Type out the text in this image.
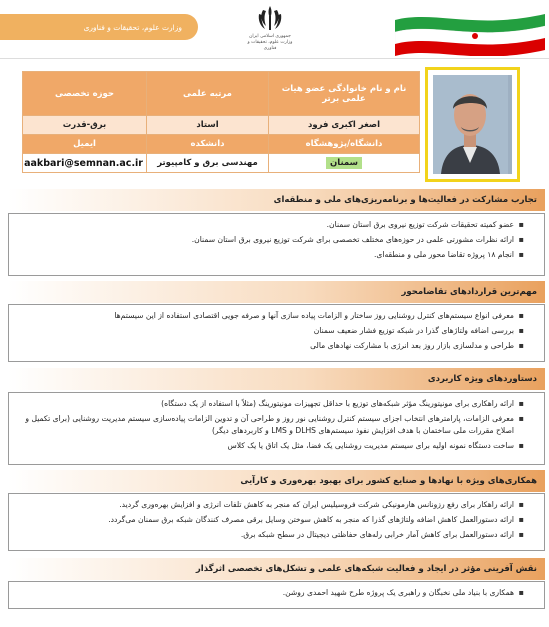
وزارت علوم، تحقیقات و فناوری
جمهوری اسلامی ایران
وزارت علوم، تحقیقات و فناوری
نام و نام خانوادگی عضو هیات علمی برتر	مرتبه علمی	حوزه تخصصی
اصغر اکبری فرود	استاد	برق-قدرت
دانشگاه/پژوهشگاه	دانشکده	ایمیل
سمنان	مهندسی برق و کامپیوتر	aakbari@semnan.ac.ir
تجارب مشارکت در فعالیت‌ها و برنامه‌ریزی‌های ملی و منطقه‌ای
▪ عضو کمیته تحقیقات شرکت توزیع نیروی برق استان سمنان.
▪ ارائه نظرات مشورتی علمی در حوزه‌های مختلف تخصصی برای شرکت توزیع نیروی برق استان سمنان.
▪ انجام ۱۸ پروژه تقاضا محور ملی و منطقه‌ای.
مهم‌ترین قراردادهای تقاضامحور
▪ معرفی انواع سیستم‌های کنترل روشنایی روز ساختار و الزامات پیاده سازی آنها و صرفه جویی اقتصادی استفاده از این سیستم‌ها
▪ بررسی اضافه ولتاژهای گذرا در شبکه توزیع فشار ضعیف سمنان
▪ طراحی و مدلسازی بازار روز بعد انرژی با مشارکت نهادهای مالی
دستاوردهای ویژه کاربردی
▪ ارائه راهکاری برای مونیتورینگ مؤثر شبکه‌های توزیع با حداقل تجهیزات مونیتورینگ (مثلاً با استفاده از یک دستگاه)
▪ معرفی الزامات، پارامترهای انتخاب اجزای سیستم کنترل روشنایی نور روز و طراحی آن و تدوین الزامات پیاده‌سازی سیستم مدیریت روشنایی (برای تکمیل و اصلاح مقررات ملی ساختمان با هدف افزایش نفوذ سیستم‌های DLHS و LMS و کاربردهای دیگر)
▪ ساخت دستگاه نمونه اولیه برای سیستم مدیریت روشنایی یک فضا، مثل یک اتاق یا یک کلاس
همکاری‌های ویژه با نهادها و صنایع کشور برای بهبود بهره‌وری و کارآیی
▪ ارائه راهکار برای رفع رزونانس هارمونیکی شرکت فروسیلیس ایران که منجر به کاهش تلفات انرژی و افزایش بهره‌وری گردید.
▪ ارائه دستورالعمل کاهش اضافه ولتاژهای گذرا که منجر به کاهش سوختن وسایل برقی مصرف کنندگان شبکه برق سمنان می‌گردد.
▪ ارائه دستورالعمل برای کاهش آمار خرابی رله‌های حفاظتی دیجیتال در سطح شبکه برق.
نقش آفرینی مؤثر در ایجاد و فعالیت شبکه‌های علمی و تشکل‌های تخصصی اثرگذار
▪ همکاری با بنیاد ملی نخبگان و راهبری یک پروژه طرح شهید احمدی روشن.
